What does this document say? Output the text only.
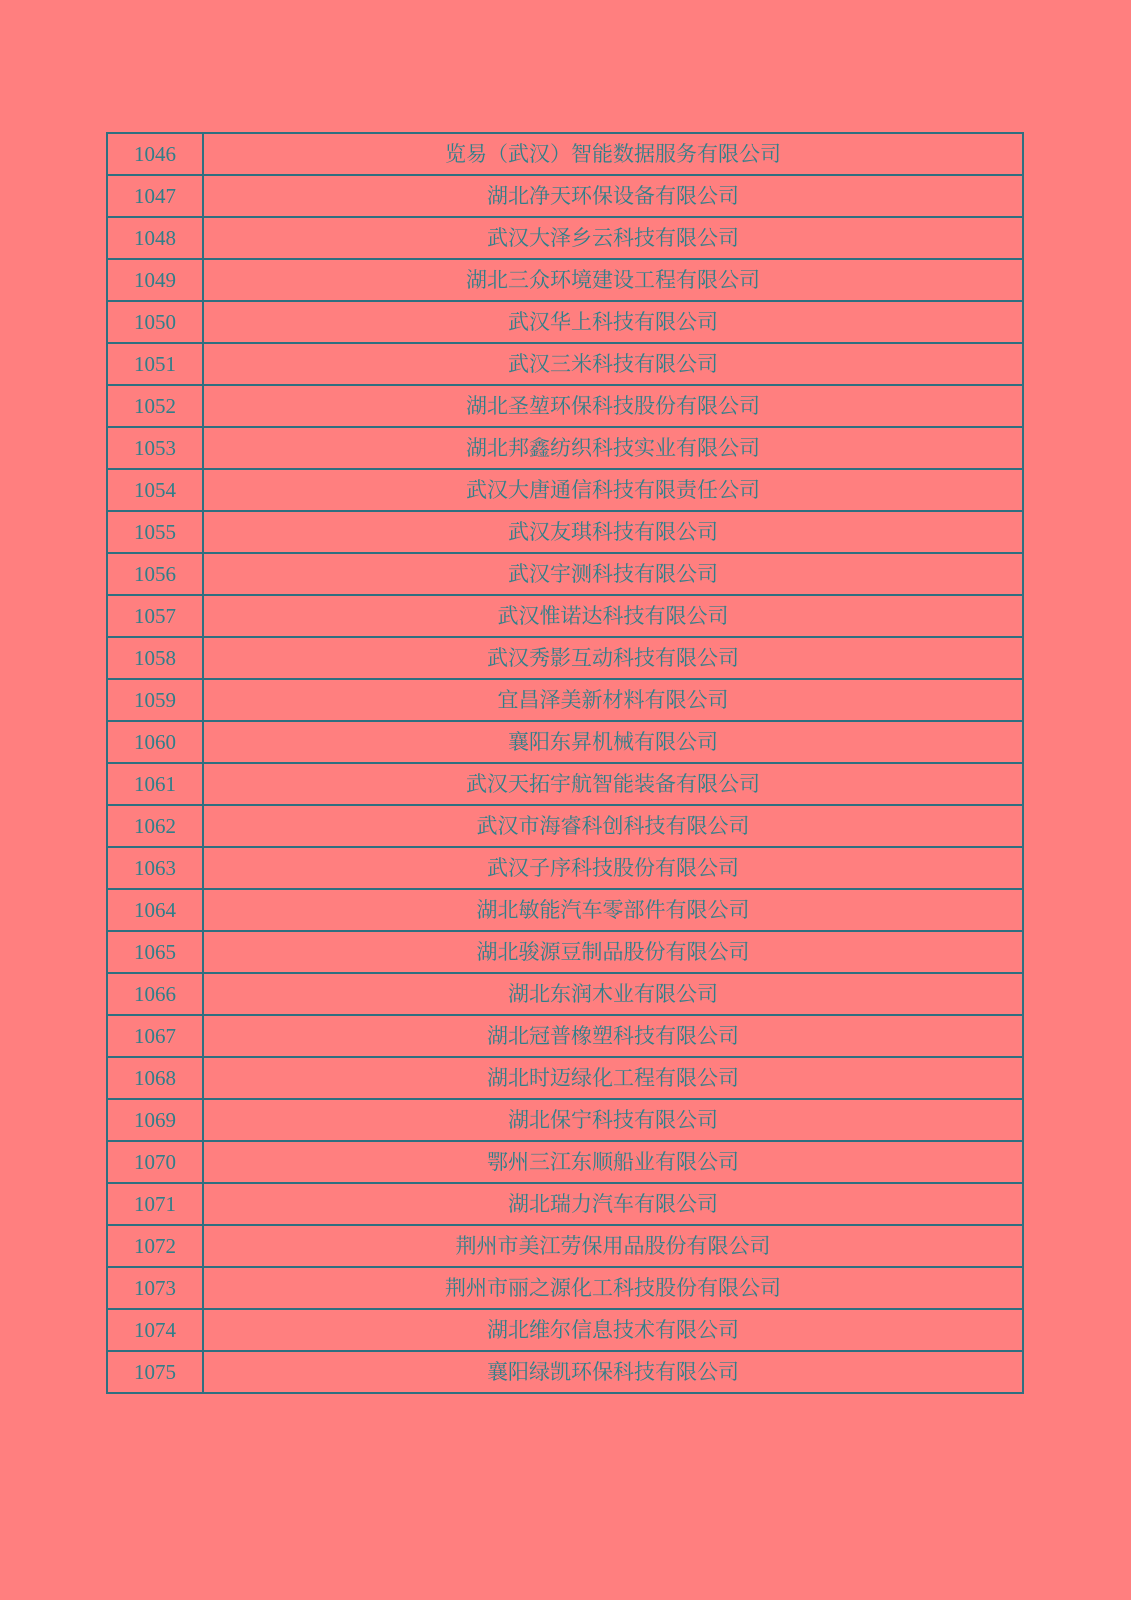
1046	览易（武汉）智能数据服务有限公司
1047	湖北净天环保设备有限公司
1048	武汉大泽乡云科技有限公司
1049	湖北三众环境建设工程有限公司
1050	武汉华上科技有限公司
1051	武汉三米科技有限公司
1052	湖北圣堃环保科技股份有限公司
1053	湖北邦鑫纺织科技实业有限公司
1054	武汉大唐通信科技有限责任公司
1055	武汉友琪科技有限公司
1056	武汉宇测科技有限公司
1057	武汉惟诺达科技有限公司
1058	武汉秀影互动科技有限公司
1059	宜昌泽美新材料有限公司
1060	襄阳东昇机械有限公司
1061	武汉天拓宇航智能装备有限公司
1062	武汉市海睿科创科技有限公司
1063	武汉子序科技股份有限公司
1064	湖北敏能汽车零部件有限公司
1065	湖北骏源豆制品股份有限公司
1066	湖北东润木业有限公司
1067	湖北冠普橡塑科技有限公司
1068	湖北时迈绿化工程有限公司
1069	湖北保宁科技有限公司
1070	鄂州三江东顺船业有限公司
1071	湖北瑞力汽车有限公司
1072	荆州市美江劳保用品股份有限公司
1073	荆州市丽之源化工科技股份有限公司
1074	湖北维尔信息技术有限公司
1075	襄阳绿凯环保科技有限公司
